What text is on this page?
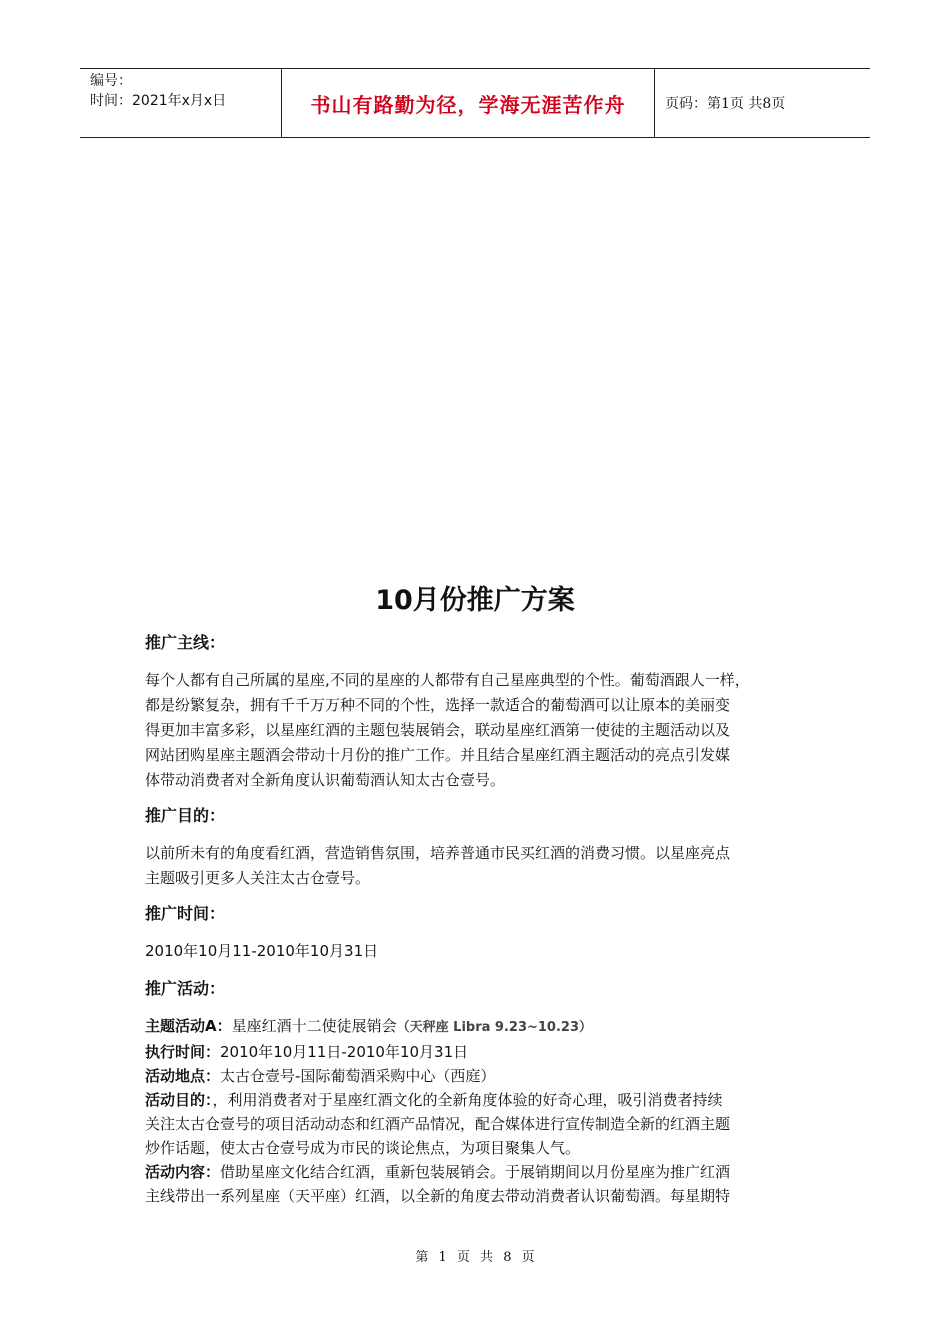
编号：
时间：2021年x月x日	书山有路勤为径，学海无涯苦作舟	页码：第1页 共8页
10月份推广方案

推广主线：

每个人都有自己所属的星座,不同的星座的人都带有自己星座典型的个性。葡萄酒跟人一样，

都是纷繁复杂，拥有千千万万种不同的个性，选择一款适合的葡萄酒可以让原本的美丽变

得更加丰富多彩，以星座红酒的主题包装展销会，联动星座红酒第一使徒的主题活动以及

网站团购星座主题酒会带动十月份的推广工作。并且结合星座红酒主题活动的亮点引发媒

体带动消费者对全新角度认识葡萄酒认知太古仓壹号。

推广目的：

以前所未有的角度看红酒，营造销售氛围，培养普通市民买红酒的消费习惯。以星座亮点

主题吸引更多人关注太古仓壹号。

推广时间：

2010年10月11-2010年10月31日

推广活动：

主题活动A：星座红酒十二使徒展销会（天秤座 Libra 9.23~10.23）

执行时间：2010年10月11日-2010年10月31日

活动地点：太古仓壹号-国际葡萄酒采购中心（西庭）

活动目的：，利用消费者对于星座红酒文化的全新角度体验的好奇心理，吸引消费者持续

关注太古仓壹号的项目活动动态和红酒产品情况，配合媒体进行宣传制造全新的红酒主题

炒作话题，使太古仓壹号成为市民的谈论焦点，为项目聚集人气。

活动内容：借助星座文化结合红酒，重新包装展销会。于展销期间以月份星座为推广红酒

主线带出一系列星座（天平座）红酒，以全新的角度去带动消费者认识葡萄酒。每星期特

第 1 页 共 8 页
